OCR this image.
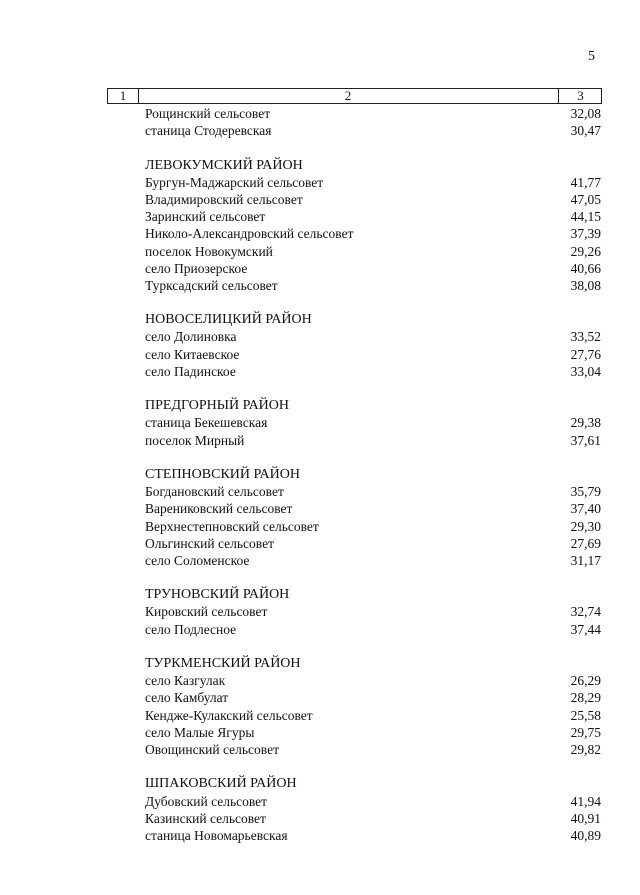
5
1	2	3
Рощинский сельсовет	32,08
станица Стодеревская	30,47
ЛЕВОКУМСКИЙ РАЙОН
Бургун-Маджарский сельсовет	41,77
Владимировский сельсовет	47,05
Заринский сельсовет	44,15
Николо-Александровский сельсовет	37,39
поселок Новокумский	29,26
село Приозерское	40,66
Турксадский сельсовет	38,08
НОВОСЕЛИЦКИЙ РАЙОН
село Долиновка	33,52
село Китаевское	27,76
село Падинское	33,04
ПРЕДГОРНЫЙ РАЙОН
станица Бекешевская	29,38
поселок Мирный	37,61
СТЕПНОВСКИЙ РАЙОН
Богдановский сельсовет	35,79
Варениковский сельсовет	37,40
Верхнестепновский сельсовет	29,30
Ольгинский сельсовет	27,69
село Соломенское	31,17
ТРУНОВСКИЙ РАЙОН
Кировский сельсовет	32,74
село Подлесное	37,44
ТУРКМЕНСКИЙ РАЙОН
село Казгулак	26,29
село Камбулат	28,29
Кендже-Кулакский сельсовет	25,58
село Малые Ягуры	29,75
Овощинский сельсовет	29,82
ШПАКОВСКИЙ РАЙОН
Дубовский сельсовет	41,94
Казинский сельсовет	40,91
станица Новомарьевская	40,89
